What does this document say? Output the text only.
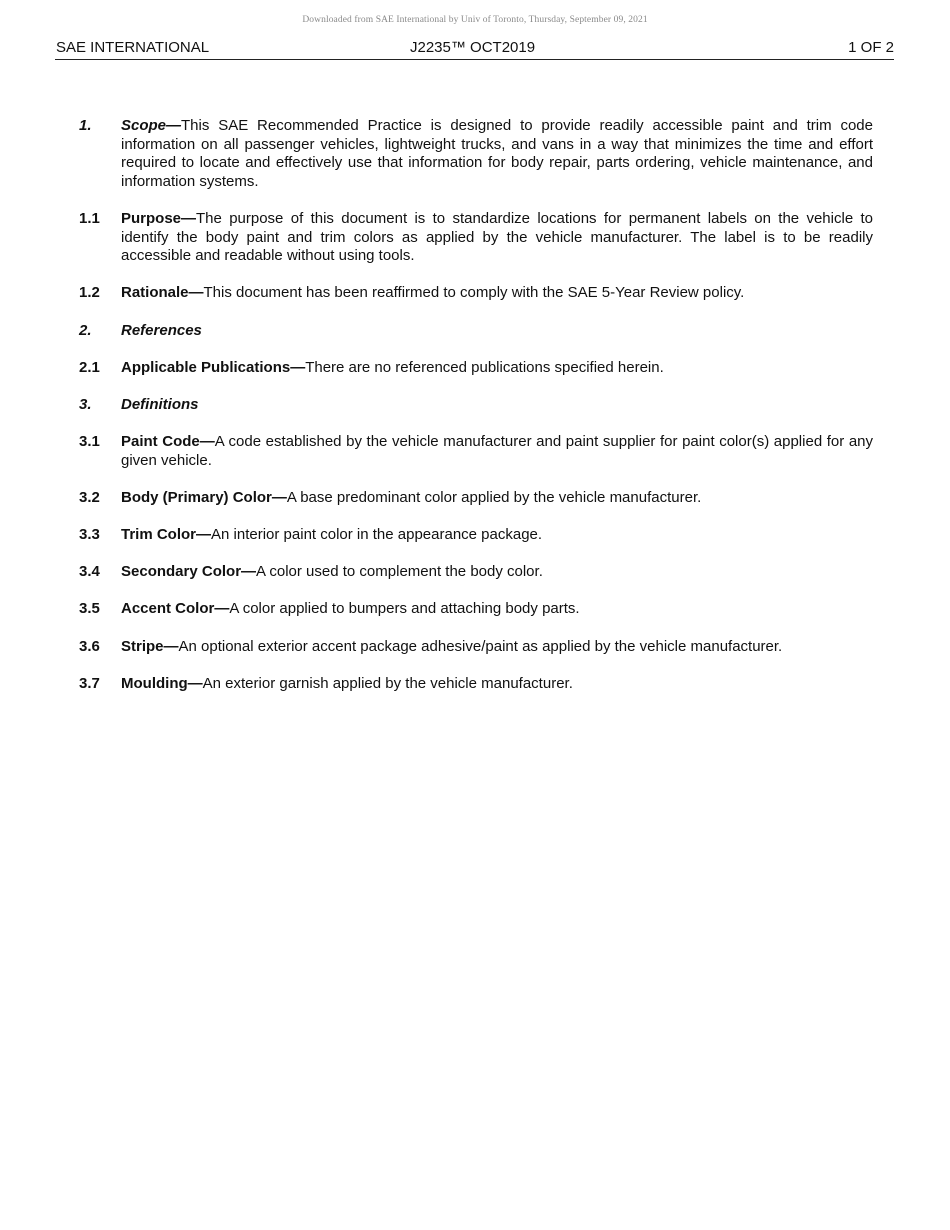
Downloaded from SAE International by Univ of Toronto, Thursday, September 09, 2021
SAE INTERNATIONAL	J2235™ OCT2019	1 OF 2
1.	Scope—This SAE Recommended Practice is designed to provide readily accessible paint and trim code information on all passenger vehicles, lightweight trucks, and vans in a way that minimizes the time and effort required to locate and effectively use that information for body repair, parts ordering, vehicle maintenance, and information systems.
1.1	Purpose—The purpose of this document is to standardize locations for permanent labels on the vehicle to identify the body paint and trim colors as applied by the vehicle manufacturer. The label is to be readily accessible and readable without using tools.
1.2	Rationale—This document has been reaffirmed to comply with the SAE 5-Year Review policy.
2.	References
2.1	Applicable Publications—There are no referenced publications specified herein.
3.	Definitions
3.1	Paint Code—A code established by the vehicle manufacturer and paint supplier for paint color(s) applied for any given vehicle.
3.2	Body (Primary) Color—A base predominant color applied by the vehicle manufacturer.
3.3	Trim Color—An interior paint color in the appearance package.
3.4	Secondary Color—A color used to complement the body color.
3.5	Accent Color—A color applied to bumpers and attaching body parts.
3.6	Stripe—An optional exterior accent package adhesive/paint as applied by the vehicle manufacturer.
3.7	Moulding—An exterior garnish applied by the vehicle manufacturer.
